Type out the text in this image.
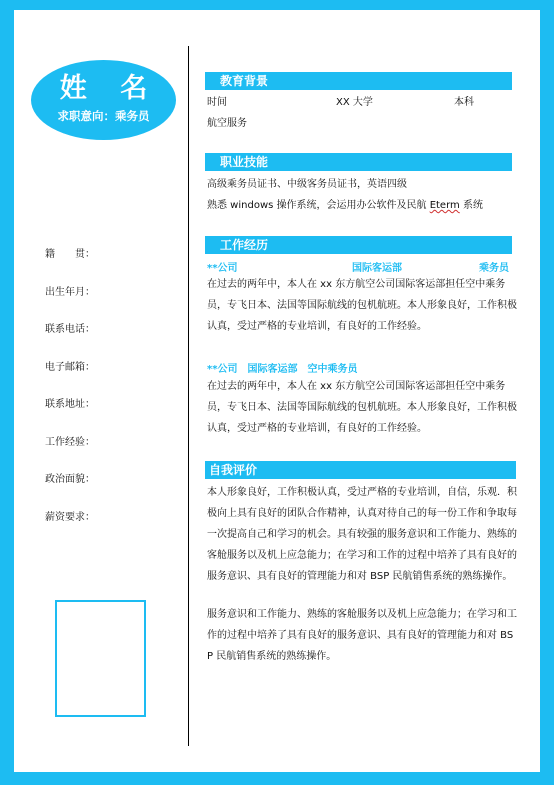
姓 名
求职意向：乘务员
籍　　贯：
出生年月：
联系电话：
电子邮箱：
联系地址：
工作经验：
政治面貌：
薪资要求：
教育背景
时间	XX 大学	本科
航空服务
职业技能
高级乘务员证书、中级客务员证书，英语四级
熟悉 windows 操作系统，会运用办公软件及民航 Eterm 系统
工作经历
**公司	国际客运部	乘务员
在过去的两年中，本人在 xx 东方航空公司国际客运部担任空中乘务员，专飞日本、法国等国际航线的包机航班。本人形象良好，工作积极认真，受过严格的专业培训，有良好的工作经验。
**公司　国际客运部　空中乘务员
在过去的两年中，本人在 xx 东方航空公司国际客运部担任空中乘务员，专飞日本、法国等国际航线的包机航班。本人形象良好，工作积极认真，受过严格的专业培训，有良好的工作经验。
自我评价
本人形象良好，工作积极认真，受过严格的专业培训，自信，乐观．积极向上具有良好的团队合作精神，认真对待自己的每一份工作和争取每一次提高自己和学习的机会。具有较强的服务意识和工作能力、熟练的客舱服务以及机上应急能力；在学习和工作的过程中培养了具有良好的服务意识、具有良好的管理能力和对 BSP 民航销售系统的熟练操作。
服务意识和工作能力、熟练的客舱服务以及机上应急能力；在学习和工作的过程中培养了具有良好的服务意识、具有良好的管理能力和对 BSP 民航销售系统的熟练操作。
